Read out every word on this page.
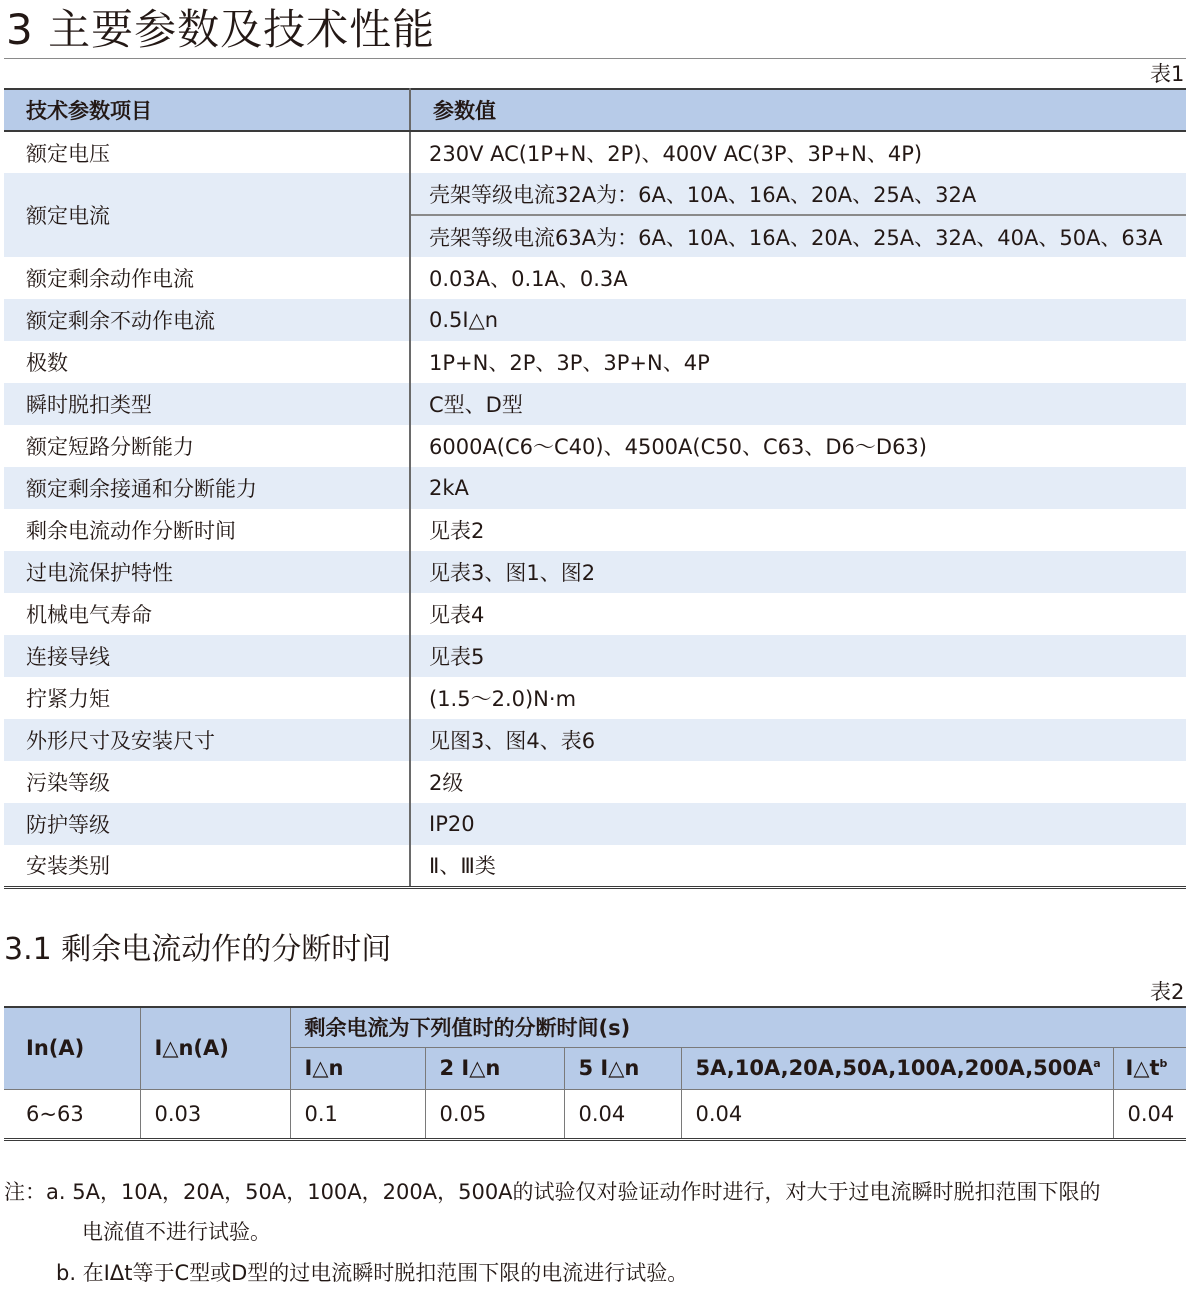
3 主要参数及技术性能
表1
技术参数项目	参数值
额定电压	230V AC(1P+N、2P)、400V AC(3P、3P+N、4P)
额定电流	壳架等级电流32A为：6A、10A、16A、20A、25A、32A
	壳架等级电流63A为：6A、10A、16A、20A、25A、32A、40A、50A、63A
额定剩余动作电流	0.03A、0.1A、0.3A
额定剩余不动作电流	0.5I△n
极数	1P+N、2P、3P、3P+N、4P
瞬时脱扣类型	C型、D型
额定短路分断能力	6000A(C6～C40)、4500A(C50、C63、D6～D63)
额定剩余接通和分断能力	2kA
剩余电流动作分断时间	见表2
过电流保护特性	见表3、图1、图2
机械电气寿命	见表4
连接导线	见表5
拧紧力矩	(1.5～2.0)N·m
外形尺寸及安装尺寸	见图3、图4、表6
污染等级	2级
防护等级	IP20
安装类别	Ⅱ、Ⅲ类
3.1 剩余电流动作的分断时间
表2
In(A)	I△n(A)	剩余电流为下列值时的分断时间(s)				
		I△n	2 I△n	5 I△n	$5A,10A,20A,50A,100A,200A,500A^a$	$I\triangle t^b$
6~63	0.03	0.1	0.05	0.04	0.04	0.04
注：a. 5A，10A，20A，50A，100A，200A，500A的试验仅对验证动作时进行，对大于过电流瞬时脱扣范围下限的
电流值不进行试验。
b. 在IΔt等于C型或D型的过电流瞬时脱扣范围下限的电流进行试验。
